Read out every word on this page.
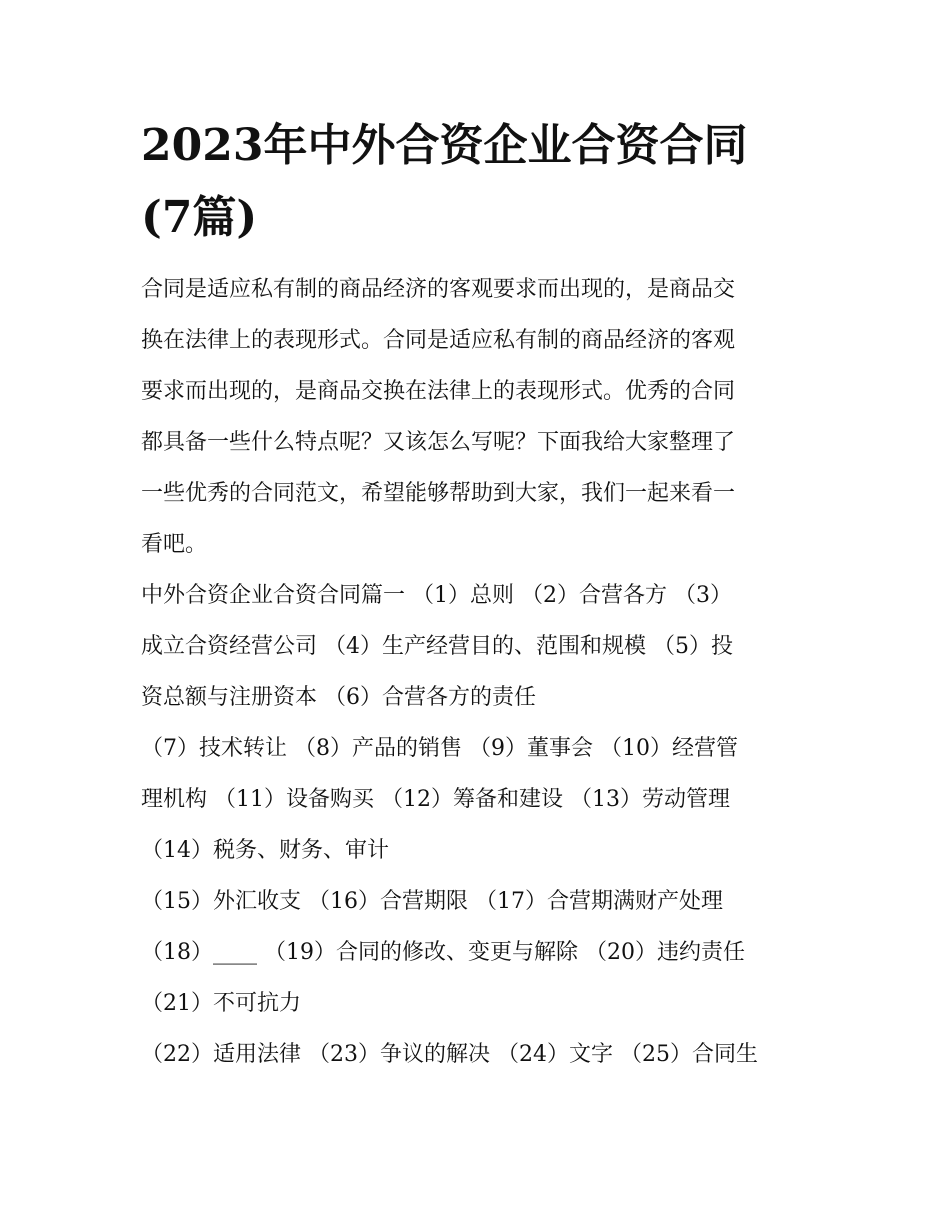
2023年中外合资企业合资合同
(7篇)

合同是适应私有制的商品经济的客观要求而出现的，是商品交
换在法律上的表现形式。合同是适应私有制的商品经济的客观
要求而出现的，是商品交换在法律上的表现形式。优秀的合同
都具备一些什么特点呢？又该怎么写呢？下面我给大家整理了
一些优秀的合同范文，希望能够帮助到大家，我们一起来看一
看吧。

中外合资企业合资合同篇一 （1）总则 （2）合营各方 （3）
成立合资经营公司 （4）生产经营目的、范围和规模 （5）投
资总额与注册资本 （6）合营各方的责任
（7）技术转让 （8）产品的销售 （9）董事会 （10）经营管
理机构 （11）设备购买 （12）筹备和建设 （13）劳动管理
（14）税务、财务、审计
（15）外汇收支 （16）合营期限 （17）合营期满财产处理
（18）____ （19）合同的修改、变更与解除 （20）违约责任
（21）不可抗力
（22）适用法律 （23）争议的解决 （24）文字 （25）合同生
